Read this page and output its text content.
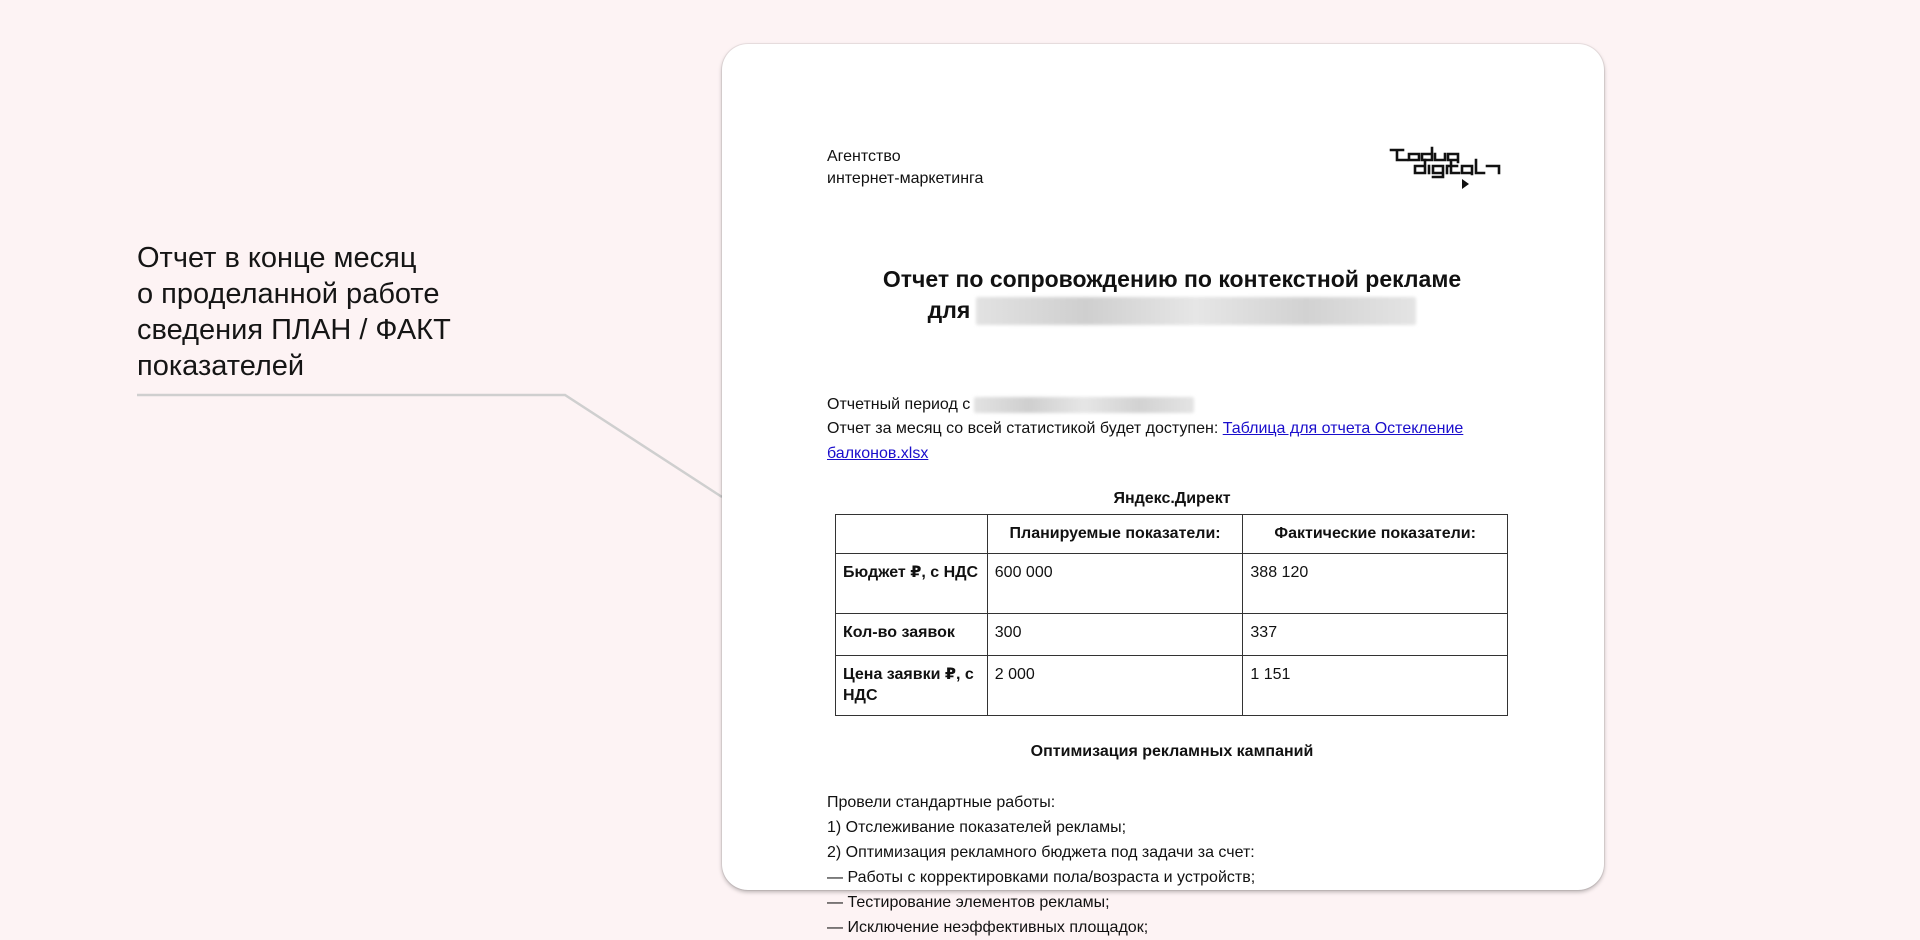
Отчет в конце месяц
о проделанной работе
сведения ПЛАН / ФАКТ
показателей
Агентство
интернет-маркетинга
Отчет по сопровождению по контекстной рекламе
для
Отчетный период с
Отчет за месяц со всей статистикой будет доступен: Таблица для отчета Остекление балконов.xlsx
Яндекс.Директ
	Планируемые показатели:	Фактические показатели:
Бюджет ₽, с НДС	600 000	388 120
Кол-во заявок	300	337
Цена заявки ₽, с НДС	2 000	1 151
Оптимизация рекламных кампаний
Провели стандартные работы:
1) Отслеживание показателей рекламы;
2) Оптимизация рекламного бюджета под задачи за счет:
— Работы с корректировками пола/возраста и устройств;
— Тестирование элементов рекламы;
— Исключение неэффективных площадок;
